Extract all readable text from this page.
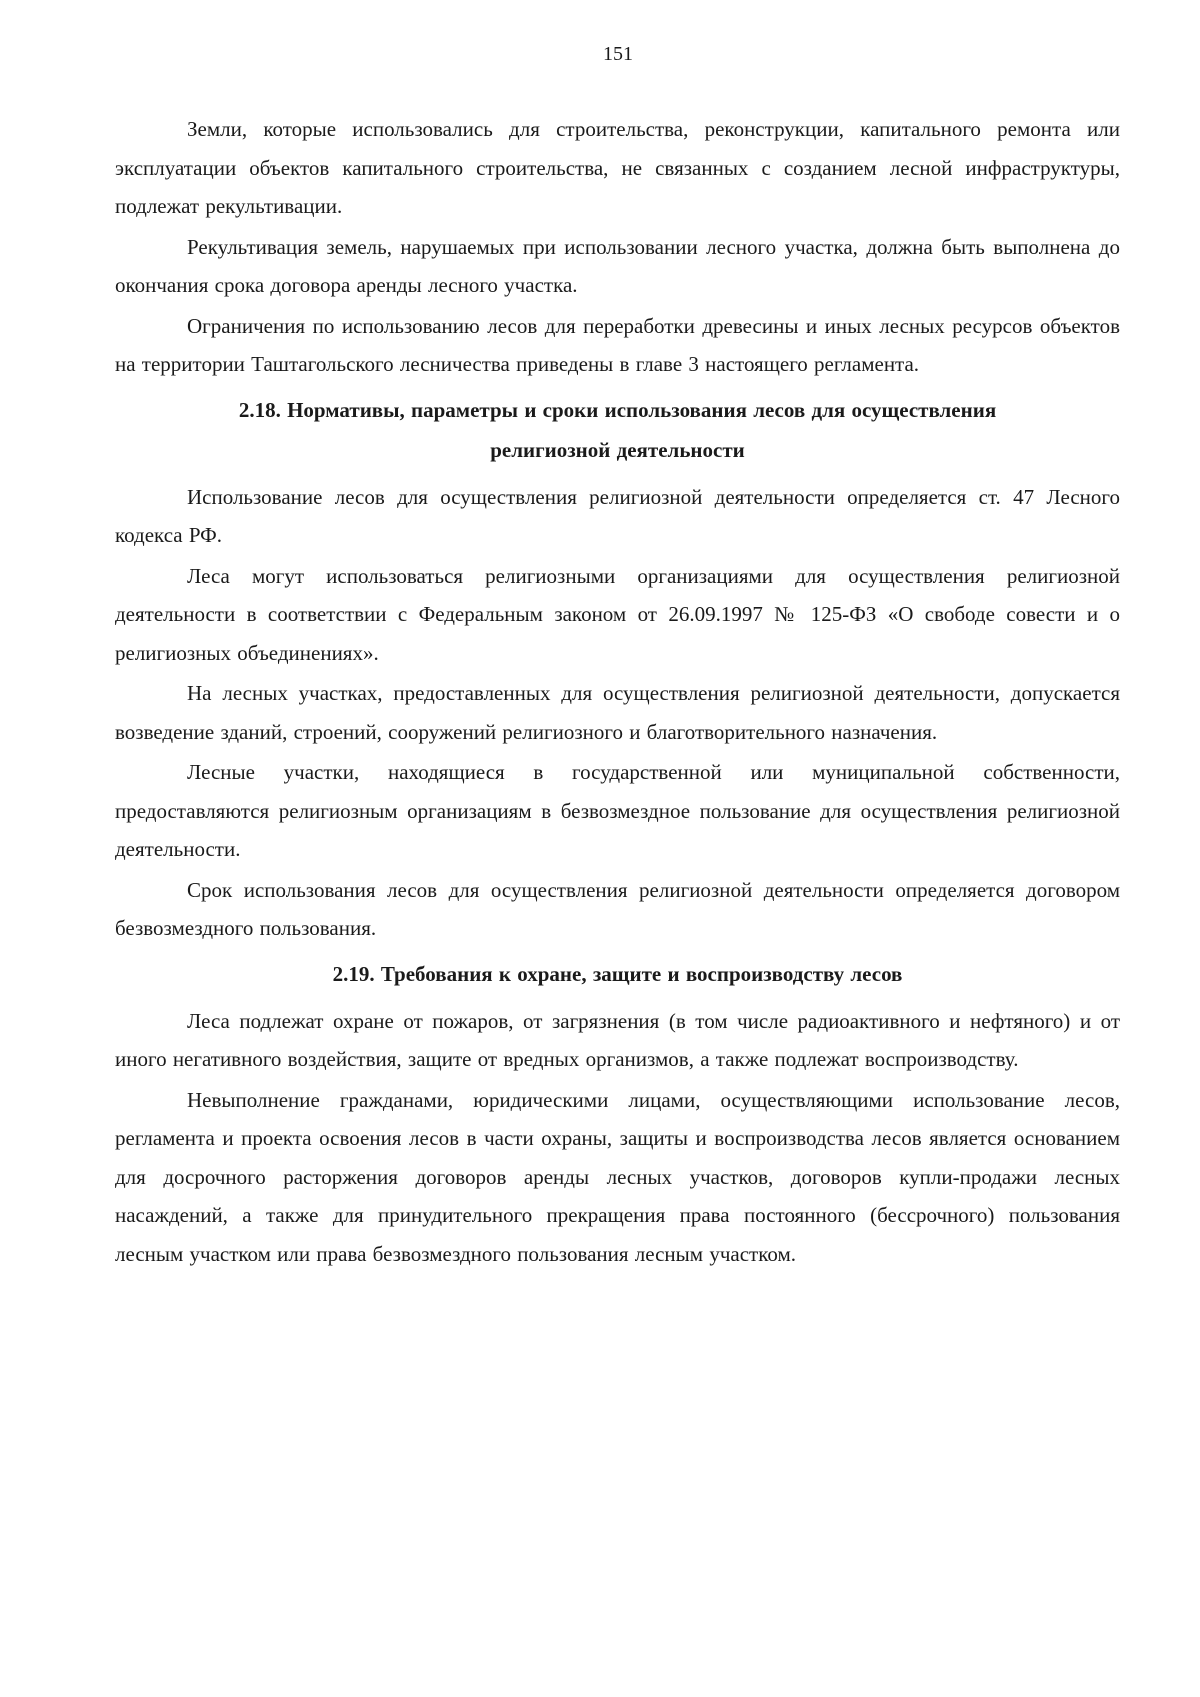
151

Земли, которые использовались для строительства, реконструкции, капитального ремонта или эксплуатации объектов капитального строительства, не связанных с созданием лесной инфраструктуры, подлежат рекультивации.

Рекультивация земель, нарушаемых при использовании лесного участка, должна быть выполнена до окончания срока договора аренды лесного участка.

Ограничения по использованию лесов для переработки древесины и иных лесных ресурсов объектов на территории Таштагольского лесничества приведены в главе 3 настоящего регламента.

2.18. Нормативы, параметры и сроки использования лесов для осуществления
религиозной деятельности

Использование лесов для осуществления религиозной деятельности определяется ст. 47 Лесного кодекса РФ.

Леса могут использоваться религиозными организациями для осуществления религиозной деятельности в соответствии с Федеральным законом от 26.09.1997 № 125-ФЗ «О свободе совести и о религиозных объединениях».

На лесных участках, предоставленных для осуществления религиозной деятельности, допускается возведение зданий, строений, сооружений религиозного и благотворительного назначения.

Лесные участки, находящиеся в государственной или муниципальной собственности, предоставляются религиозным организациям в безвозмездное пользование для осуществления религиозной деятельности.

Срок использования лесов для осуществления религиозной деятельности определяется договором безвозмездного пользования.

2.19. Требования к охране, защите и воспроизводству лесов

Леса подлежат охране от пожаров, от загрязнения (в том числе радиоактивного и нефтяного) и от иного негативного воздействия, защите от вредных организмов, а также подлежат воспроизводству.

Невыполнение гражданами, юридическими лицами, осуществляющими использование лесов, регламента и проекта освоения лесов в части охраны, защиты и воспроизводства лесов является основанием для досрочного расторжения договоров аренды лесных участков, договоров купли-продажи лесных насаждений, а также для принудительного прекращения права постоянного (бессрочного) пользования лесным участком или права безвозмездного пользования лесным участком.
